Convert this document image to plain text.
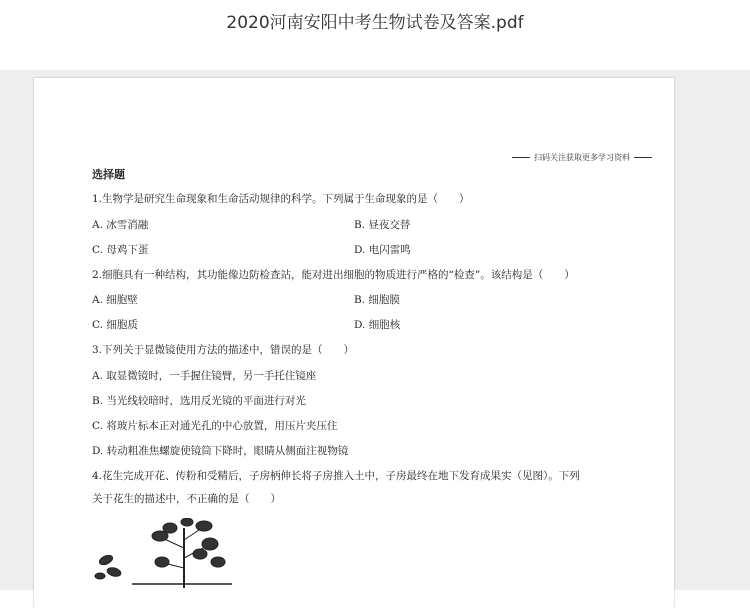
2020河南安阳中考生物试卷及答案.pdf
扫码关注获取更多学习资料
选择题
1.生物学是研究生命现象和生命活动规律的科学。下列属于生命现象的是（　　）
A. 冰雪消融	B. 昼夜交替
C. 母鸡下蛋	D. 电闪雷鸣
2.细胞具有一种结构，其功能像边防检查站，能对进出细胞的物质进行严格的“检查”。该结构是（　　）
A. 细胞壁	B. 细胞膜
C. 细胞质	D. 细胞核
3.下列关于显微镜使用方法的描述中，错误的是（　　）
A. 取显微镜时，一手握住镜臂，另一手托住镜座
B. 当光线较暗时，选用反光镜的平面进行对光
C. 将玻片标本正对通光孔的中心放置，用压片夹压住
D. 转动粗准焦螺旋使镜筒下降时，眼睛从侧面注视物镜
4.花生完成开花、传粉和受精后，子房柄伸长将子房推入土中，子房最终在地下发育成果实（见图）。下列
关于花生的描述中，不正确的是（　　）
